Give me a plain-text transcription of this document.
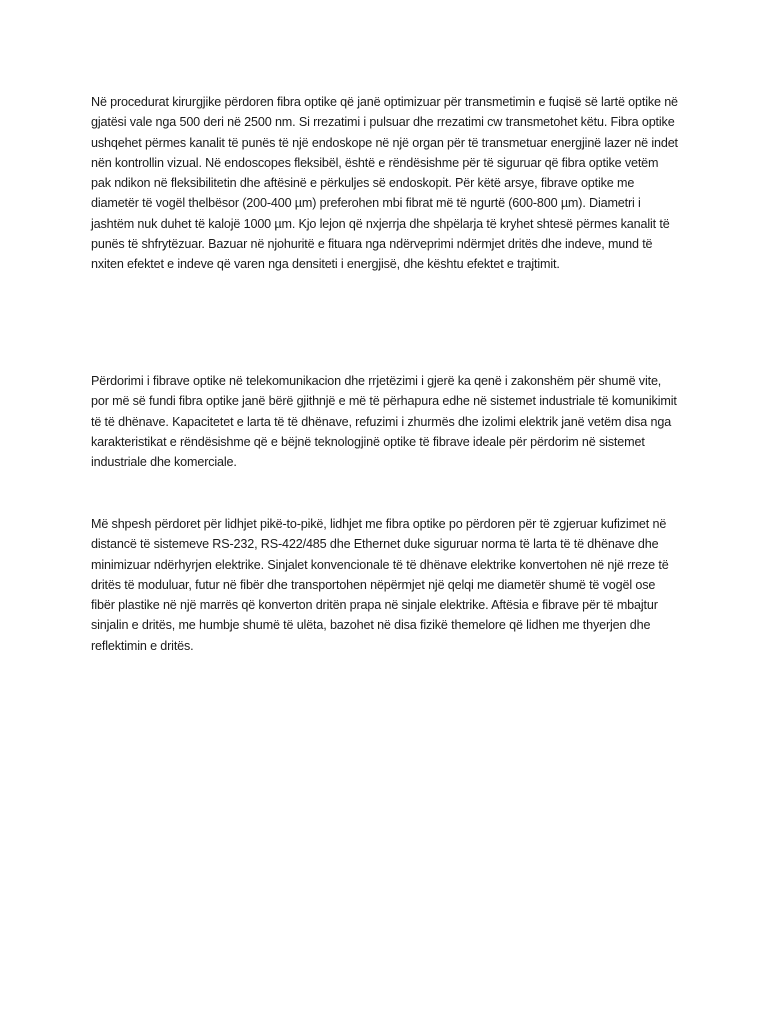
Në procedurat kirurgjike përdoren fibra optike që janë optimizuar për transmetimin e fuqisë së lartë optike në gjatësi vale nga 500 deri në 2500 nm. Si rrezatimi i pulsuar dhe rrezatimi cw transmetohet këtu. Fibra optike ushqehet përmes kanalit të punës të një endoskope në një organ për të transmetuar energjinë lazer në indet nën kontrollin vizual. Në endoscopes fleksibël, është e rëndësishme për të siguruar që fibra optike vetëm pak ndikon në fleksibilitetin dhe aftësinë e përkuljes së endoskopit. Për këtë arsye, fibrave optike me diametër të vogël thelbësor (200-400 µm) preferohen mbi fibrat më të ngurtë (600-800 µm). Diametri i jashtëm nuk duhet të kalojë 1000 µm. Kjo lejon që nxjerrja dhe shpëlarja të kryhet shtesë përmes kanalit të punës të shfrytëzuar. Bazuar në njohuritë e fituara nga ndërveprimi ndërmjet dritës dhe indeve, mund të nxiten efektet e indeve që varen nga densiteti i energjisë, dhe kështu efektet e trajtimit.

Përdorimi i fibrave optike në telekomunikacion dhe rrjetëzimi i gjerë ka qenë i zakonshëm për shumë vite, por më së fundi fibra optike janë bërë gjithnjë e më të përhapura edhe në sistemet industriale të komunikimit të të dhënave. Kapacitetet e larta të të dhënave, refuzimi i zhurmës dhe izolimi elektrik janë vetëm disa nga karakteristikat e rëndësishme që e bëjnë teknologjinë optike të fibrave ideale për përdorim në sistemet industriale dhe komerciale.

Më shpesh përdoret për lidhjet pikë-to-pikë, lidhjet me fibra optike po përdoren për të zgjeruar kufizimet në distancë të sistemeve RS-232, RS-422/485 dhe Ethernet duke siguruar norma të larta të të dhënave dhe minimizuar ndërhyrjen elektrike. Sinjalet konvencionale të të dhënave elektrike konvertohen në një rreze të dritës të moduluar, futur në fibër dhe transportohen nëpërmjet një qelqi me diametër shumë të vogël ose fibër plastike në një marrës që konverton dritën prapa në sinjale elektrike. Aftësia e fibrave për të mbajtur sinjalin e dritës, me humbje shumë të ulëta, bazohet në disa fizikë themelore që lidhen me thyerjen dhe reflektimin e dritës.
